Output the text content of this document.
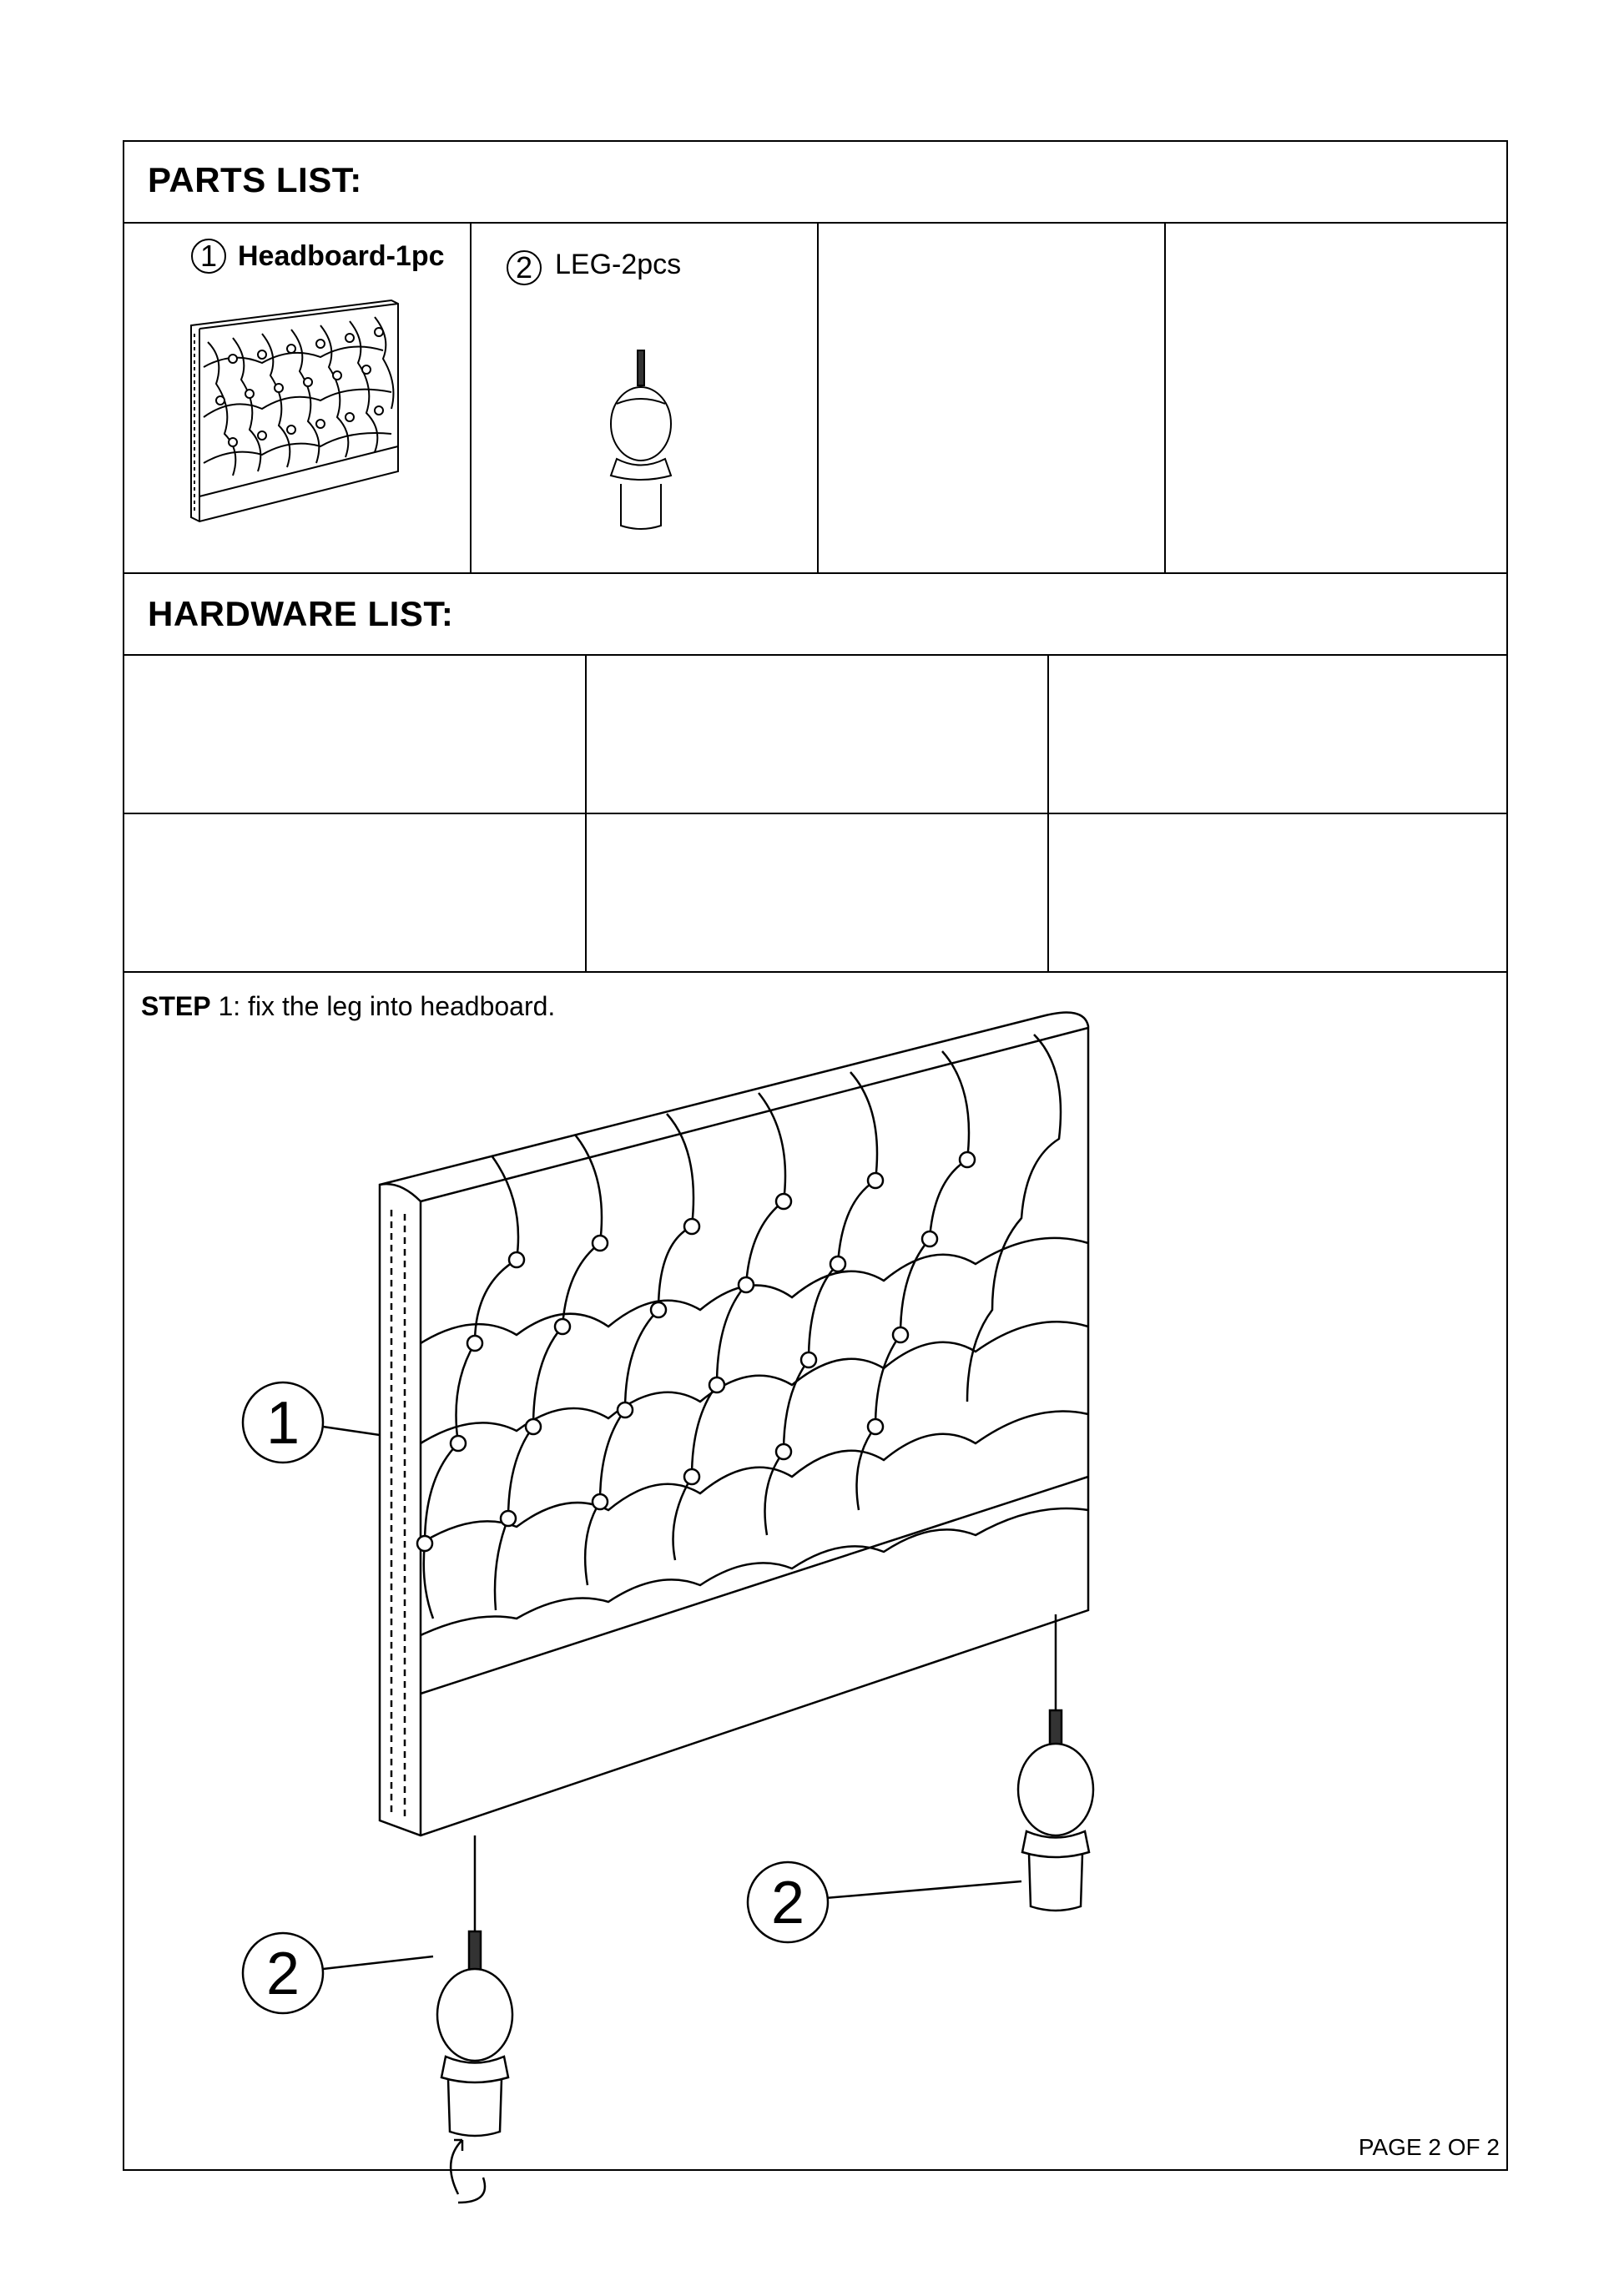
PARTS LIST:
1 Headboard-1pc	2 LEG-2pcs
HARDWARE LIST:
STEP 1: fix the leg into headboard.
1
2
2
PAGE 2 OF 2
